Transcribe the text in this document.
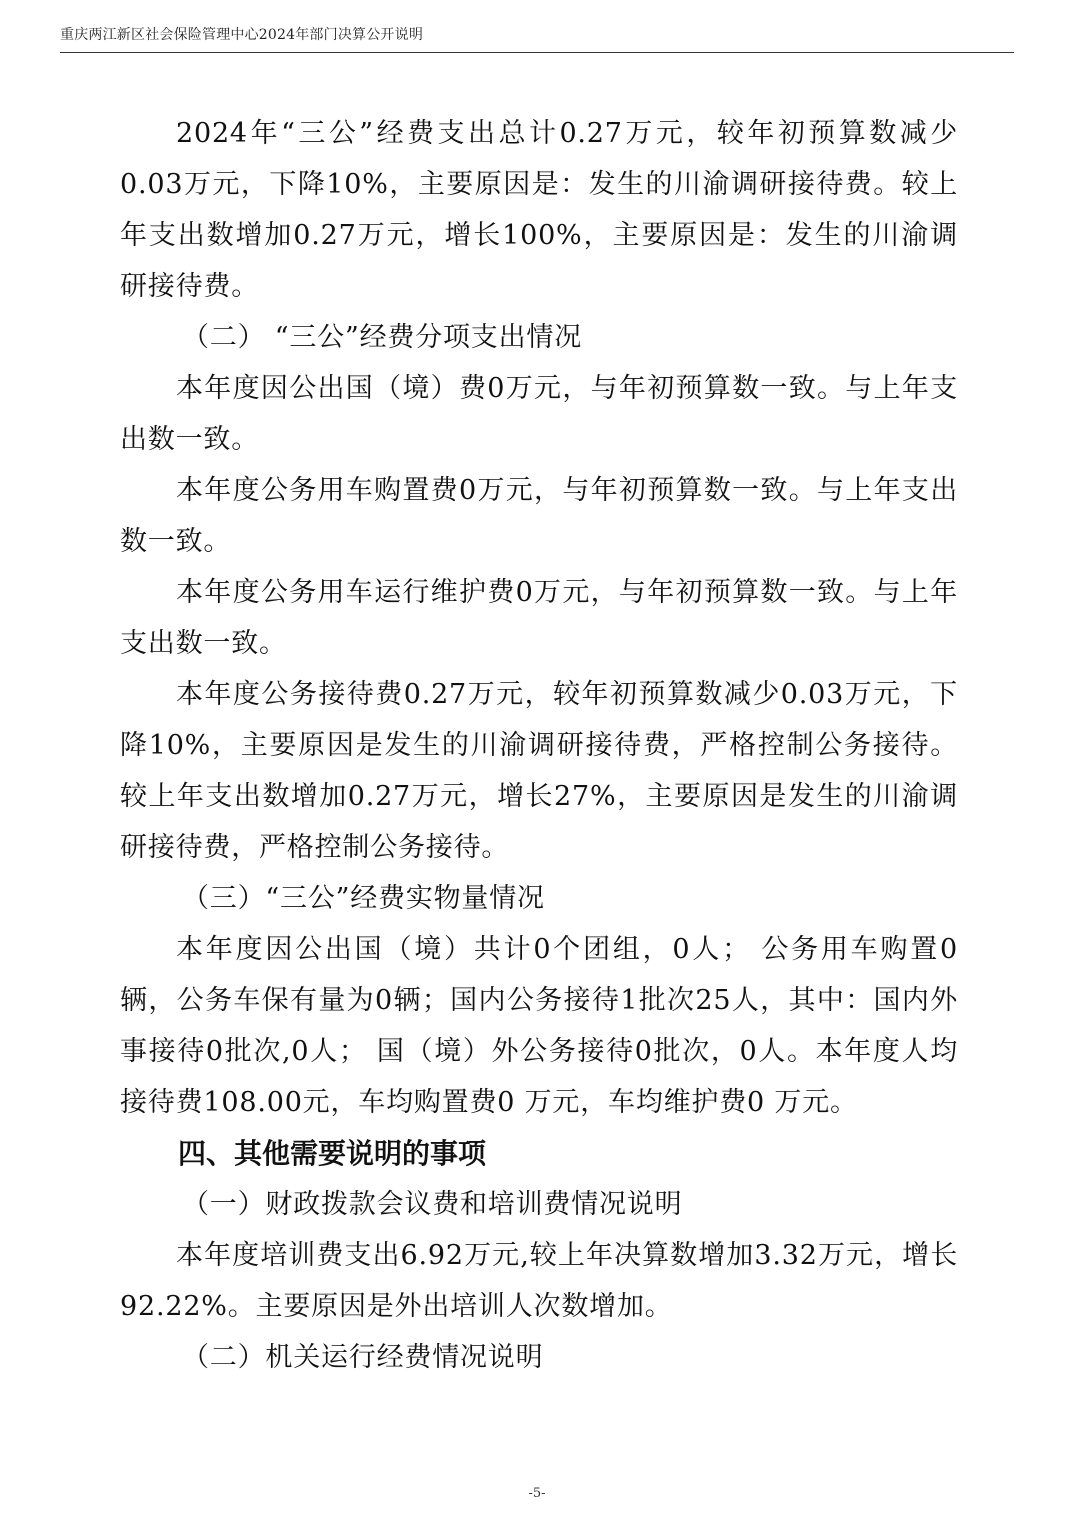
重庆两江新区社会保险管理中心2024年部门决算公开说明

2024年“三公”经费支出总计0.27万元，较年初预算数减少0.03万元，下降10%，主要原因是：发生的川渝调研接待费。较上年支出数增加0.27万元，增长100%，主要原因是：发生的川渝调研接待费。

（二） “三公”经费分项支出情况

本年度因公出国（境）费0万元，与年初预算数一致。与上年支出数一致。

本年度公务用车购置费0万元，与年初预算数一致。与上年支出数一致。

本年度公务用车运行维护费0万元，与年初预算数一致。与上年支出数一致。

本年度公务接待费0.27万元，较年初预算数减少0.03万元，下降10%，主要原因是发生的川渝调研接待费，严格控制公务接待。较上年支出数增加0.27万元，增长27%，主要原因是发生的川渝调研接待费，严格控制公务接待。

（三）“三公”经费实物量情况

本年度因公出国（境）共计0个团组，0人； 公务用车购置0辆，公务车保有量为0辆；国内公务接待1批次25人，其中：国内外事接待0批次,0人； 国（境）外公务接待0批次，0人。本年度人均接待费108.00元，车均购置费0 万元，车均维护费0 万元。

四、其他需要说明的事项

（一）财政拨款会议费和培训费情况说明

本年度培训费支出6.92万元,较上年决算数增加3.32万元，增长92.22%。主要原因是外出培训人次数增加。

（二）机关运行经费情况说明

-5-
